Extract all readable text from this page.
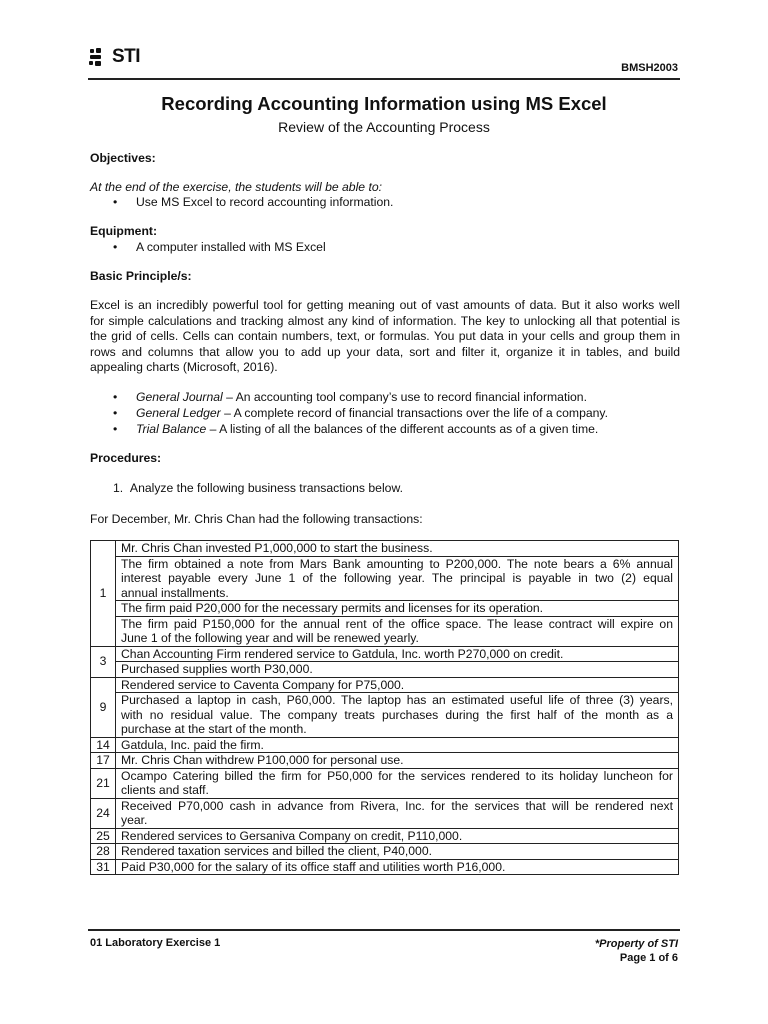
STI
BMSH2003
Recording Accounting Information using MS Excel
Review of the Accounting Process
Objectives:
At the end of the exercise, the students will be able to:
• Use MS Excel to record accounting information.
Equipment:
• A computer installed with MS Excel
Basic Principle/s:
Excel is an incredibly powerful tool for getting meaning out of vast amounts of data. But it also works well
for simple calculations and tracking almost any kind of information. The key to unlocking all that potential is
the grid of cells. Cells can contain numbers, text, or formulas. You put data in your cells and group them in
rows and columns that allow you to add up your data, sort and filter it, organize it in tables, and build
appealing charts (Microsoft, 2016).
• General Journal – An accounting tool company’s use to record financial information.
• General Ledger – A complete record of financial transactions over the life of a company.
• Trial Balance – A listing of all the balances of the different accounts as of a given time.
Procedures:
1.  Analyze the following business transactions below.
For December, Mr. Chris Chan had the following transactions:
1	Mr. Chris Chan invested P1,000,000 to start the business.

	The firm obtained a note from Mars Bank amounting to P200,000. The note bears a 6% annual
interest payable every June 1 of the following year. The principal is payable in two (2) equal
annual installments.

	The firm paid P20,000 for the necessary permits and licenses for its operation.

	The firm paid P150,000 for the annual rent of the office space. The lease contract will expire on
June 1 of the following year and will be renewed yearly.

3	Chan Accounting Firm rendered service to Gatdula, Inc. worth P270,000 on credit.

	Purchased supplies worth P30,000.

9	Rendered service to Caventa Company for P75,000.

	Purchased a laptop in cash, P60,000. The laptop has an estimated useful life of three (3) years,
with no residual value. The company treats purchases during the first half of the month as a
purchase at the start of the month.

14	Gatdula, Inc. paid the firm.

17	Mr. Chris Chan withdrew P100,000 for personal use.

21	Ocampo Catering billed the firm for P50,000 for the services rendered to its holiday luncheon for
clients and staff.

24	Received P70,000 cash in advance from Rivera, Inc. for the services that will be rendered next
year.

25	Rendered services to Gersaniva Company on credit, P110,000.

28	Rendered taxation services and billed the client, P40,000.

31	Paid P30,000 for the salary of its office staff and utilities worth P16,000.
01 Laboratory Exercise 1	*Property of STI
Page 1 of 6
